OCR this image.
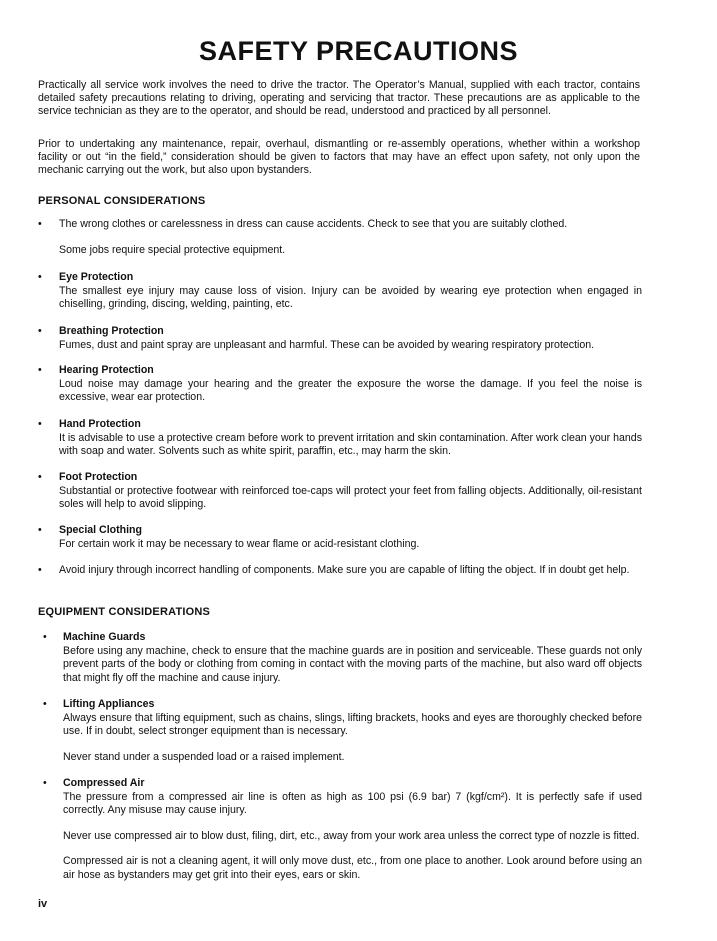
SAFETY PRECAUTIONS

Practically all service work involves the need to drive the tractor. The Operator’s Manual, supplied with each tractor, contains detailed safety precautions relating to driving, operating and servicing that tractor. These precautions are as applicable to the service technician as they are to the operator, and should be read, understood and practiced by all personnel.

Prior to undertaking any maintenance, repair, overhaul, dismantling or re-assembly operations, whether within a workshop facility or out “in the field,” consideration should be given to factors that may have an effect upon safety, not only upon the mechanic carrying out the work, but also upon bystanders.

PERSONAL CONSIDERATIONS
• The wrong clothes or carelessness in dress can cause accidents. Check to see that you are suitably clothed.
Some jobs require special protective equipment.
• Eye Protection
The smallest eye injury may cause loss of vision. Injury can be avoided by wearing eye protection when engaged in chiselling, grinding, discing, welding, painting, etc.
• Breathing Protection
Fumes, dust and paint spray are unpleasant and harmful. These can be avoided by wearing respiratory protection.
• Hearing Protection
Loud noise may damage your hearing and the greater the exposure the worse the damage. If you feel the noise is excessive, wear ear protection.
• Hand Protection
It is advisable to use a protective cream before work to prevent irritation and skin contamination. After work clean your hands with soap and water. Solvents such as white spirit, paraffin, etc., may harm the skin.
• Foot Protection
Substantial or protective footwear with reinforced toe-caps will protect your feet from falling objects. Additionally, oil-resistant soles will help to avoid slipping.
• Special Clothing
For certain work it may be necessary to wear flame or acid-resistant clothing.
• Avoid injury through incorrect handling of components. Make sure you are capable of lifting the object. If in doubt get help.
EQUIPMENT CONSIDERATIONS
• Machine Guards
Before using any machine, check to ensure that the machine guards are in position and serviceable. These guards not only prevent parts of the body or clothing from coming in contact with the moving parts of the machine, but also ward off objects that might fly off the machine and cause injury.
• Lifting Appliances
Always ensure that lifting equipment, such as chains, slings, lifting brackets, hooks and eyes are thoroughly checked before use. If in doubt, select stronger equipment than is necessary.
Never stand under a suspended load or a raised implement.
• Compressed Air
The pressure from a compressed air line is often as high as 100 psi (6.9 bar) 7 (kgf/cm²). It is perfectly safe if used correctly. Any misuse may cause injury.
Never use compressed air to blow dust, filing, dirt, etc., away from your work area unless the correct type of nozzle is fitted.
Compressed air is not a cleaning agent, it will only move dust, etc., from one place to another. Look around before using an air hose as bystanders may get grit into their eyes, ears or skin.
iv
